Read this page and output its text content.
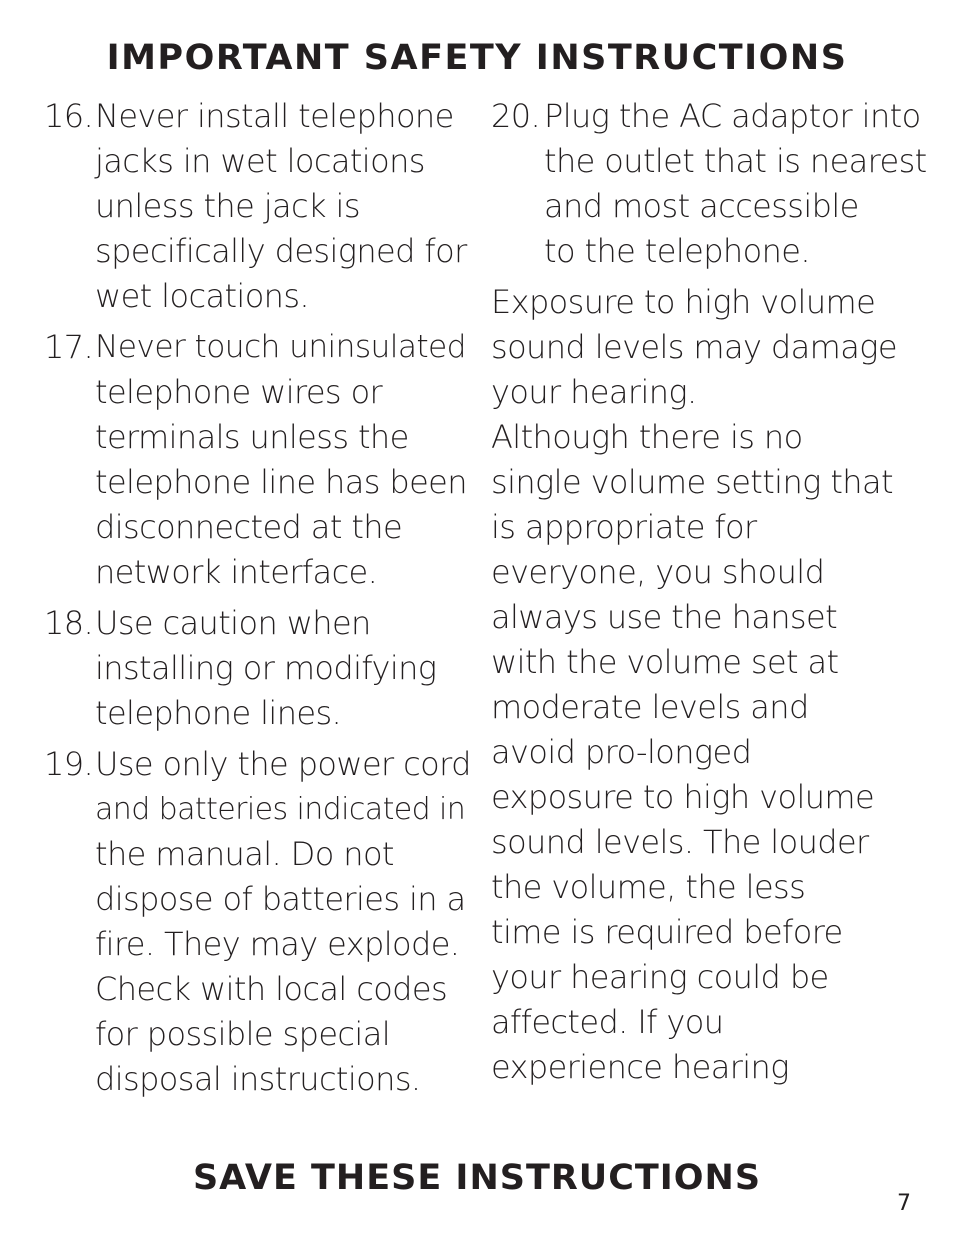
IMPORTANT SAFETY INSTRUCTIONS
16. Never install telephone
jacks in wet locations
unless the jack is
specifically designed for
wet locations.
17. Never touch uninsulated
telephone wires or
terminals unless the
telephone line has been
disconnected at the
network interface.
18. Use caution when
installing or modifying
telephone lines.
19. Use only the power cord
and batteries indicated in
the manual. Do not
dispose of batteries in a
fire. They may explode.
Check with local codes
for possible special
disposal instructions.
20. Plug the AC adaptor into
the outlet that is nearest
and most accessible
to the telephone.
Exposure to high volume
sound levels may damage
your hearing.
Although there is no
single volume setting that
is appropriate for
everyone, you should
always use the hanset
with the volume set at
moderate levels and
avoid pro-longed
exposure to high volume
sound levels. The louder
the volume, the less
time is required before
your hearing could be
affected. If you
experience hearing
SAVE THESE INSTRUCTIONS
7
